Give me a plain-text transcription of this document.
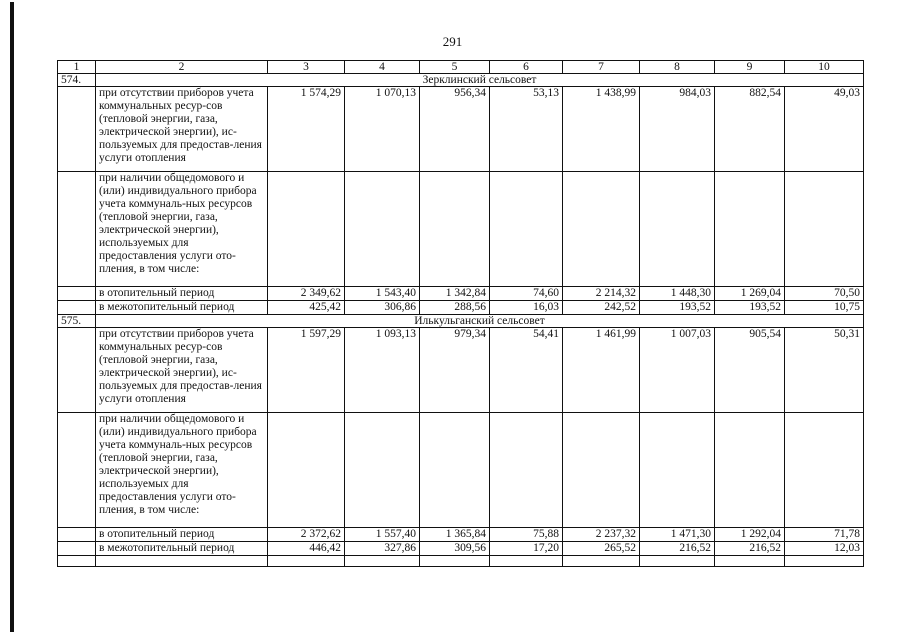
291
1	2	3	4	5	6	7	8	9	10
574.	Зерклинский сельсовет								
	при отсутствии приборов учета коммунальных ресур-сов (тепловой энергии, газа, электрической энергии), ис-пользуемых для предостав-ления услуги отопления	1 574,29	1 070,13	956,34	53,13	1 438,99	984,03	882,54	49,03
	при наличии общедомового и (или) индивидуального прибора учета коммуналь-ных ресурсов (тепловой энергии, газа, электрической энергии), используемых для предоставления услуги ото-пления, в том числе:								
	в отопительный период	2 349,62	1 543,40	1 342,84	74,60	2 214,32	1 448,30	1 269,04	70,50
	в межотопительный период	425,42	306,86	288,56	16,03	242,52	193,52	193,52	10,75
575.	Илькульганский сельсовет								
	при отсутствии приборов учета коммунальных ресур-сов (тепловой энергии, газа, электрической энергии), ис-пользуемых для предостав-ления услуги отопления	1 597,29	1 093,13	979,34	54,41	1 461,99	1 007,03	905,54	50,31
	при наличии общедомового и (или) индивидуального прибора учета коммуналь-ных ресурсов (тепловой энергии, газа, электрической энергии), используемых для предоставления услуги ото-пления, в том числе:								
	в отопительный период	2 372,62	1 557,40	1 365,84	75,88	2 237,32	1 471,30	1 292,04	71,78
	в межотопительный период	446,42	327,86	309,56	17,20	265,52	216,52	216,52	12,03
